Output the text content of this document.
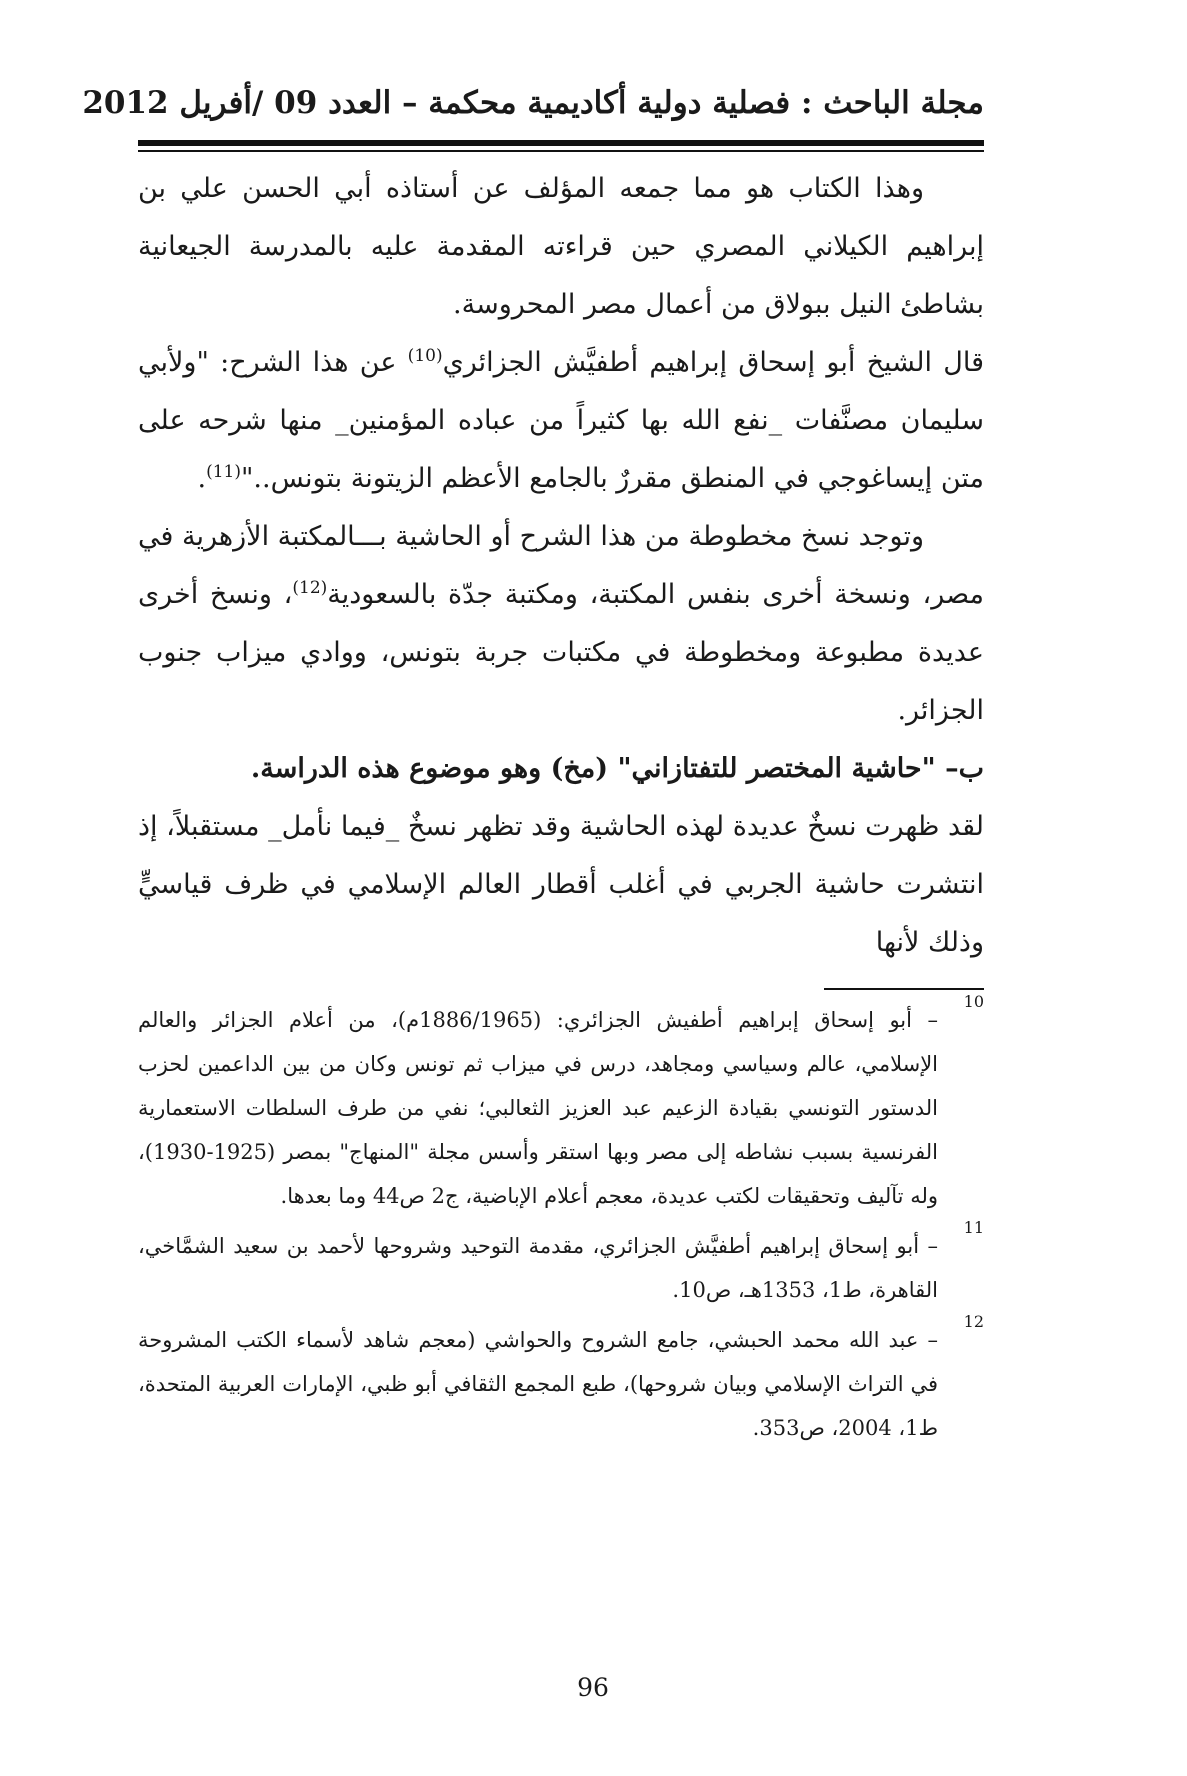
مجلة الباحث : فصلية دولية أكاديمية محكمة – العدد 09 /أفريل 2012

وهذا الكتاب هو مما جمعه المؤلف عن أستاذه أبي الحسن علي بن إبراهيم الكيلاني المصري حين قراءته المقدمة عليه بالمدرسة الجيعانية بشاطئ النيل ببولاق من أعمال مصر المحروسة.

قال الشيخ أبو إسحاق إبراهيم أطفيَّش الجزائري$^{(10)}$ عن هذا الشرح: "ولأبي سليمان مصنَّفات _نفع الله بها كثيراً من عباده المؤمنين_ منها شرحه على متن إيساغوجي في المنطق مقررٌ بالجامع الأعظم الزيتونة بتونس.."$^{(11)}$.

وتوجد نسخ مخطوطة من هذا الشرح أو الحاشية بـــالمكتبة الأزهرية في مصر، ونسخة أخرى بنفس المكتبة، ومكتبة جدّة بالسعودية$^{(12)}$، ونسخ أخرى عديدة مطبوعة ومخطوطة في مكتبات جربة بتونس، ووادي ميزاب جنوب الجزائر.

ب– "حاشية المختصر للتفتازاني" (مخ) وهو موضوع هذه الدراسة.

لقد ظهرت نسخٌ عديدة لهذه الحاشية وقد تظهر نسخٌ _فيما نأمل_ مستقبلاً، إذ انتشرت حاشية الجربي في أغلب أقطار العالم الإسلامي في ظرف قياسيٍّ وذلك لأنها

10
– أبو إسحاق إبراهيم أطفيش الجزائري: (1886/1965م)، من أعلام الجزائر والعالم الإسلامي، عالم وسياسي ومجاهد، درس في ميزاب ثم تونس وكان من بين الداعمين لحزب الدستور التونسي بقيادة الزعيم عبد العزيز الثعالبي؛ نفي من طرف السلطات الاستعمارية الفرنسية بسبب نشاطه إلى مصر وبها استقر وأسس مجلة "المنهاج" بمصر (1925-1930)، وله تآليف وتحقيقات لكتب عديدة، معجم أعلام الإباضية، ج2 ص44 وما بعدها.
11
– أبو إسحاق إبراهيم أطفيَّش الجزائري، مقدمة التوحيد وشروحها لأحمد بن سعيد الشمَّاخي، القاهرة، ط1، 1353هـ، ص10.
12
– عبد الله محمد الحبشي، جامع الشروح والحواشي (معجم شاهد لأسماء الكتب المشروحة في التراث الإسلامي وبيان شروحها)، طبع المجمع الثقافي أبو ظبي، الإمارات العربية المتحدة، ط1، 2004، ص353.
96
